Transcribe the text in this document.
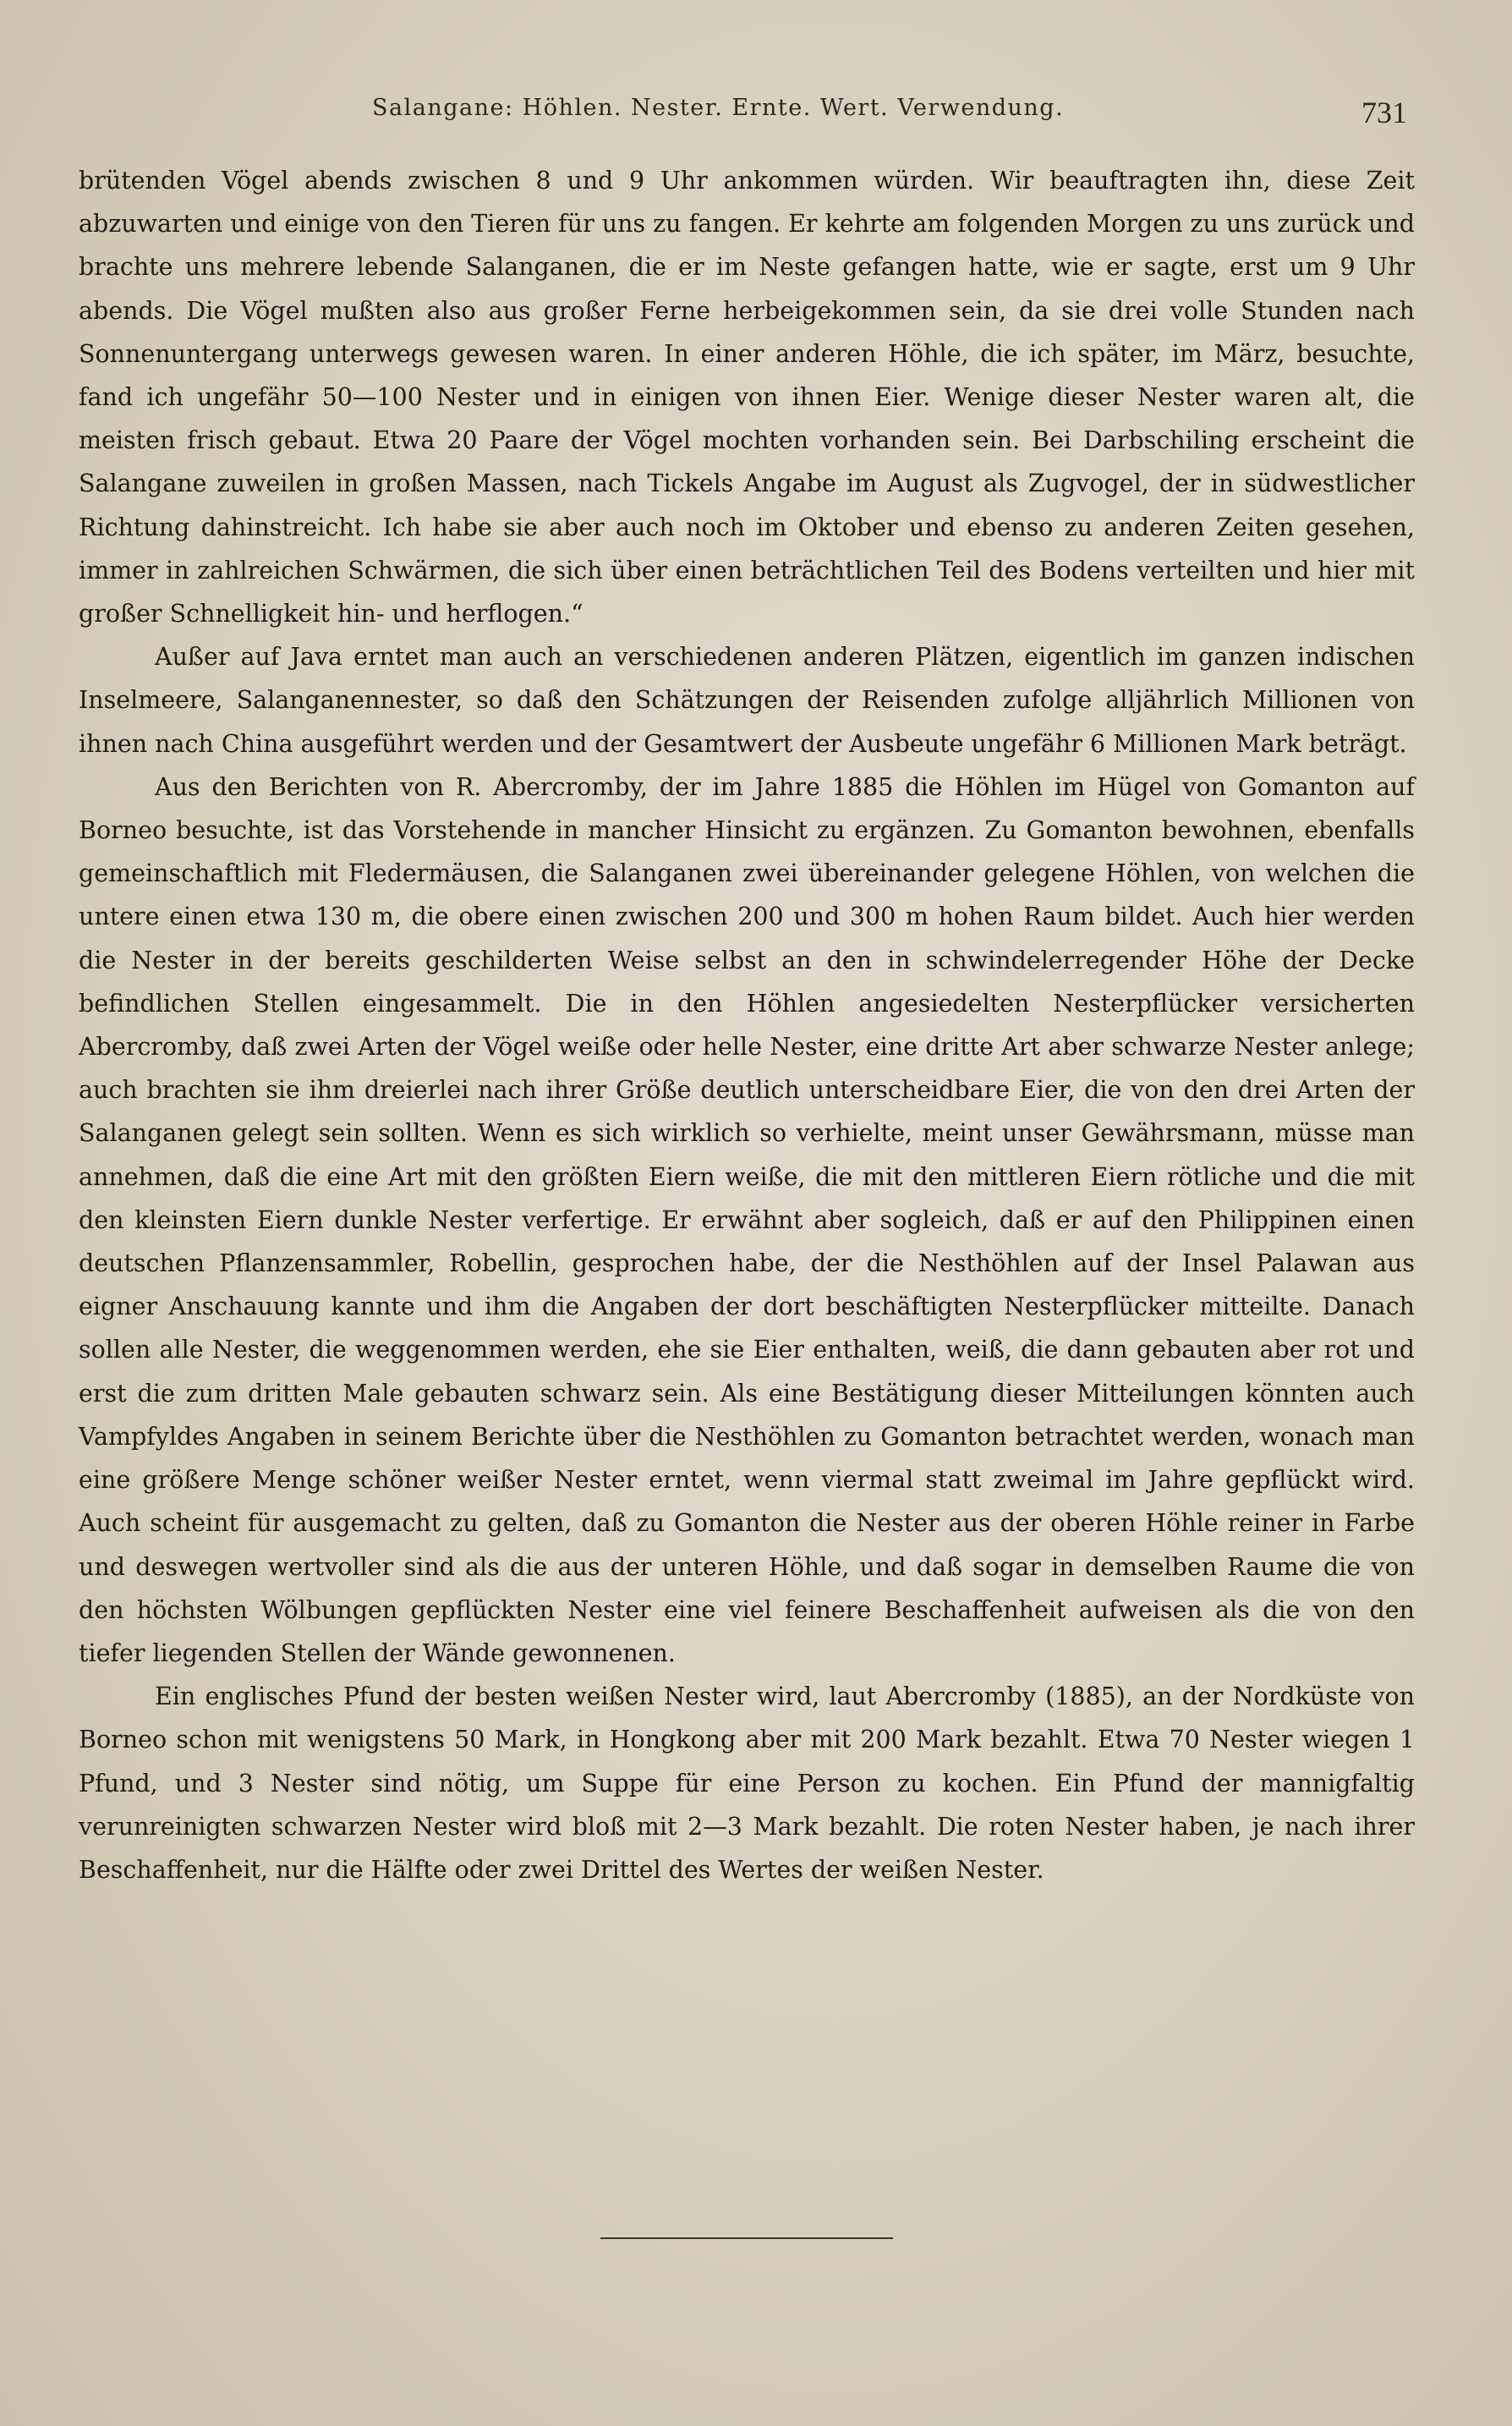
Salangane: Höhlen. Nester. Ernte. Wert. Verwendung.	731

brütenden Vögel abends zwischen 8 und 9 Uhr ankommen würden. Wir beauftragten ihn, diese Zeit abzuwarten und einige von den Tieren für uns zu fangen. Er kehrte am folgenden Morgen zu uns zurück und brachte uns mehrere lebende Salanganen, die er im Neste gefangen hatte, wie er sagte, erst um 9 Uhr abends. Die Vögel mußten also aus großer Ferne herbeigekommen sein, da sie drei volle Stunden nach Sonnenuntergang unterwegs gewesen waren. In einer anderen Höhle, die ich später, im März, besuchte, fand ich ungefähr 50—100 Nester und in einigen von ihnen Eier. Wenige dieser Nester waren alt, die meisten frisch gebaut. Etwa 20 Paare der Vögel mochten vorhanden sein. Bei Darbschiling erscheint die Salangane zuweilen in großen Massen, nach Tickels Angabe im August als Zugvogel, der in südwestlicher Richtung dahinstreicht. Ich habe sie aber auch noch im Oktober und ebenso zu anderen Zeiten gesehen, immer in zahlreichen Schwärmen, die sich über einen beträchtlichen Teil des Bodens verteilten und hier mit großer Schnelligkeit hin- und herflogen.“

Außer auf Java erntet man auch an verschiedenen anderen Plätzen, eigentlich im ganzen indischen Inselmeere, Salanganennester, so daß den Schätzungen der Reisenden zufolge alljährlich Millionen von ihnen nach China ausgeführt werden und der Gesamtwert der Ausbeute ungefähr 6 Millionen Mark beträgt.

Aus den Berichten von R. Abercromby, der im Jahre 1885 die Höhlen im Hügel von Gomanton auf Borneo besuchte, ist das Vorstehende in mancher Hinsicht zu ergänzen. Zu Gomanton bewohnen, ebenfalls gemeinschaftlich mit Fledermäusen, die Salanganen zwei übereinander gelegene Höhlen, von welchen die untere einen etwa 130 m, die obere einen zwischen 200 und 300 m hohen Raum bildet. Auch hier werden die Nester in der bereits geschilderten Weise selbst an den in schwindelerregender Höhe der Decke befindlichen Stellen eingesammelt. Die in den Höhlen angesiedelten Nesterpflücker versicherten Abercromby, daß zwei Arten der Vögel weiße oder helle Nester, eine dritte Art aber schwarze Nester anlege; auch brachten sie ihm dreierlei nach ihrer Größe deutlich unterscheidbare Eier, die von den drei Arten der Salanganen gelegt sein sollten. Wenn es sich wirklich so verhielte, meint unser Gewährsmann, müsse man annehmen, daß die eine Art mit den größten Eiern weiße, die mit den mittleren Eiern rötliche und die mit den kleinsten Eiern dunkle Nester verfertige. Er erwähnt aber sogleich, daß er auf den Philippinen einen deutschen Pflanzensammler, Robellin, gesprochen habe, der die Nesthöhlen auf der Insel Palawan aus eigner Anschauung kannte und ihm die Angaben der dort beschäftigten Nesterpflücker mitteilte. Danach sollen alle Nester, die weggenommen werden, ehe sie Eier enthalten, weiß, die dann gebauten aber rot und erst die zum dritten Male gebauten schwarz sein. Als eine Bestätigung dieser Mitteilungen könnten auch Vampfyldes Angaben in seinem Berichte über die Nesthöhlen zu Gomanton betrachtet werden, wonach man eine größere Menge schöner weißer Nester erntet, wenn viermal statt zweimal im Jahre gepflückt wird. Auch scheint für ausgemacht zu gelten, daß zu Gomanton die Nester aus der oberen Höhle reiner in Farbe und deswegen wertvoller sind als die aus der unteren Höhle, und daß sogar in demselben Raume die von den höchsten Wölbungen gepflückten Nester eine viel feinere Beschaffenheit aufweisen als die von den tiefer liegenden Stellen der Wände gewonnenen.

Ein englisches Pfund der besten weißen Nester wird, laut Abercromby (1885), an der Nordküste von Borneo schon mit wenigstens 50 Mark, in Hongkong aber mit 200 Mark bezahlt. Etwa 70 Nester wiegen 1 Pfund, und 3 Nester sind nötig, um Suppe für eine Person zu kochen. Ein Pfund der mannigfaltig verunreinigten schwarzen Nester wird bloß mit 2—3 Mark bezahlt. Die roten Nester haben, je nach ihrer Beschaffenheit, nur die Hälfte oder zwei Drittel des Wertes der weißen Nester.
